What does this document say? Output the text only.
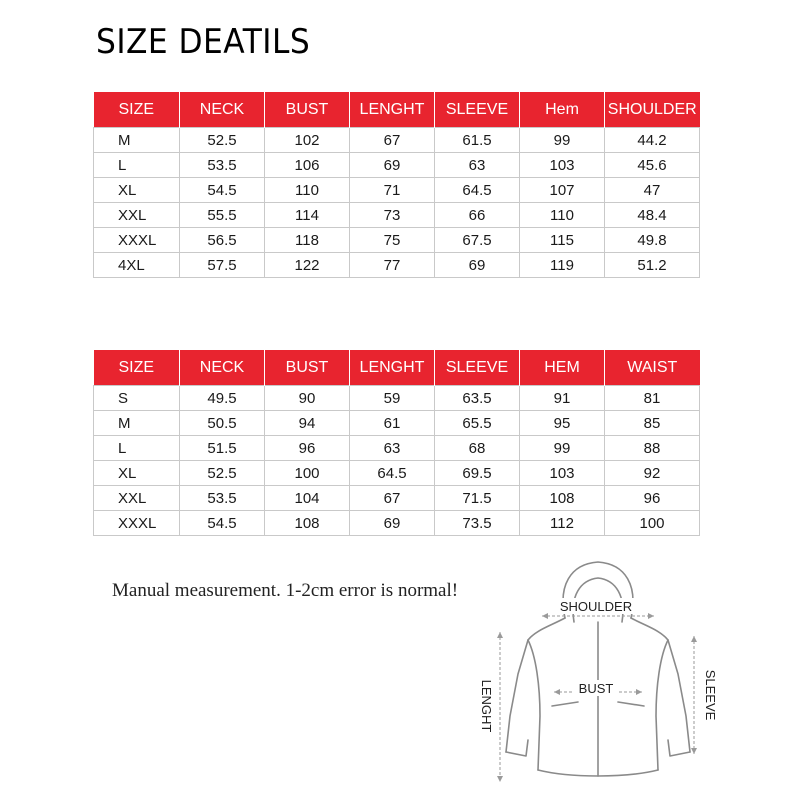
SIZE DEATILS
SIZE	NECK	BUST	LENGHT	SLEEVE	Hem	SHOULDER
M	52.5	102	67	61.5	99	44.2
L	53.5	106	69	63	103	45.6
XL	54.5	110	71	64.5	107	47
XXL	55.5	114	73	66	110	48.4
XXXL	56.5	118	75	67.5	115	49.8
4XL	57.5	122	77	69	119	51.2
SIZE	NECK	BUST	LENGHT	SLEEVE	HEM	WAIST
S	49.5	90	59	63.5	91	81
M	50.5	94	61	65.5	95	85
L	51.5	96	63	68	99	88
XL	52.5	100	64.5	69.5	103	92
XXL	53.5	104	67	71.5	108	96
XXXL	54.5	108	69	73.5	112	100
Manual measurement. 1-2cm error is normal!
SHOULDER
BUST
LENGHT	SLEEVE
